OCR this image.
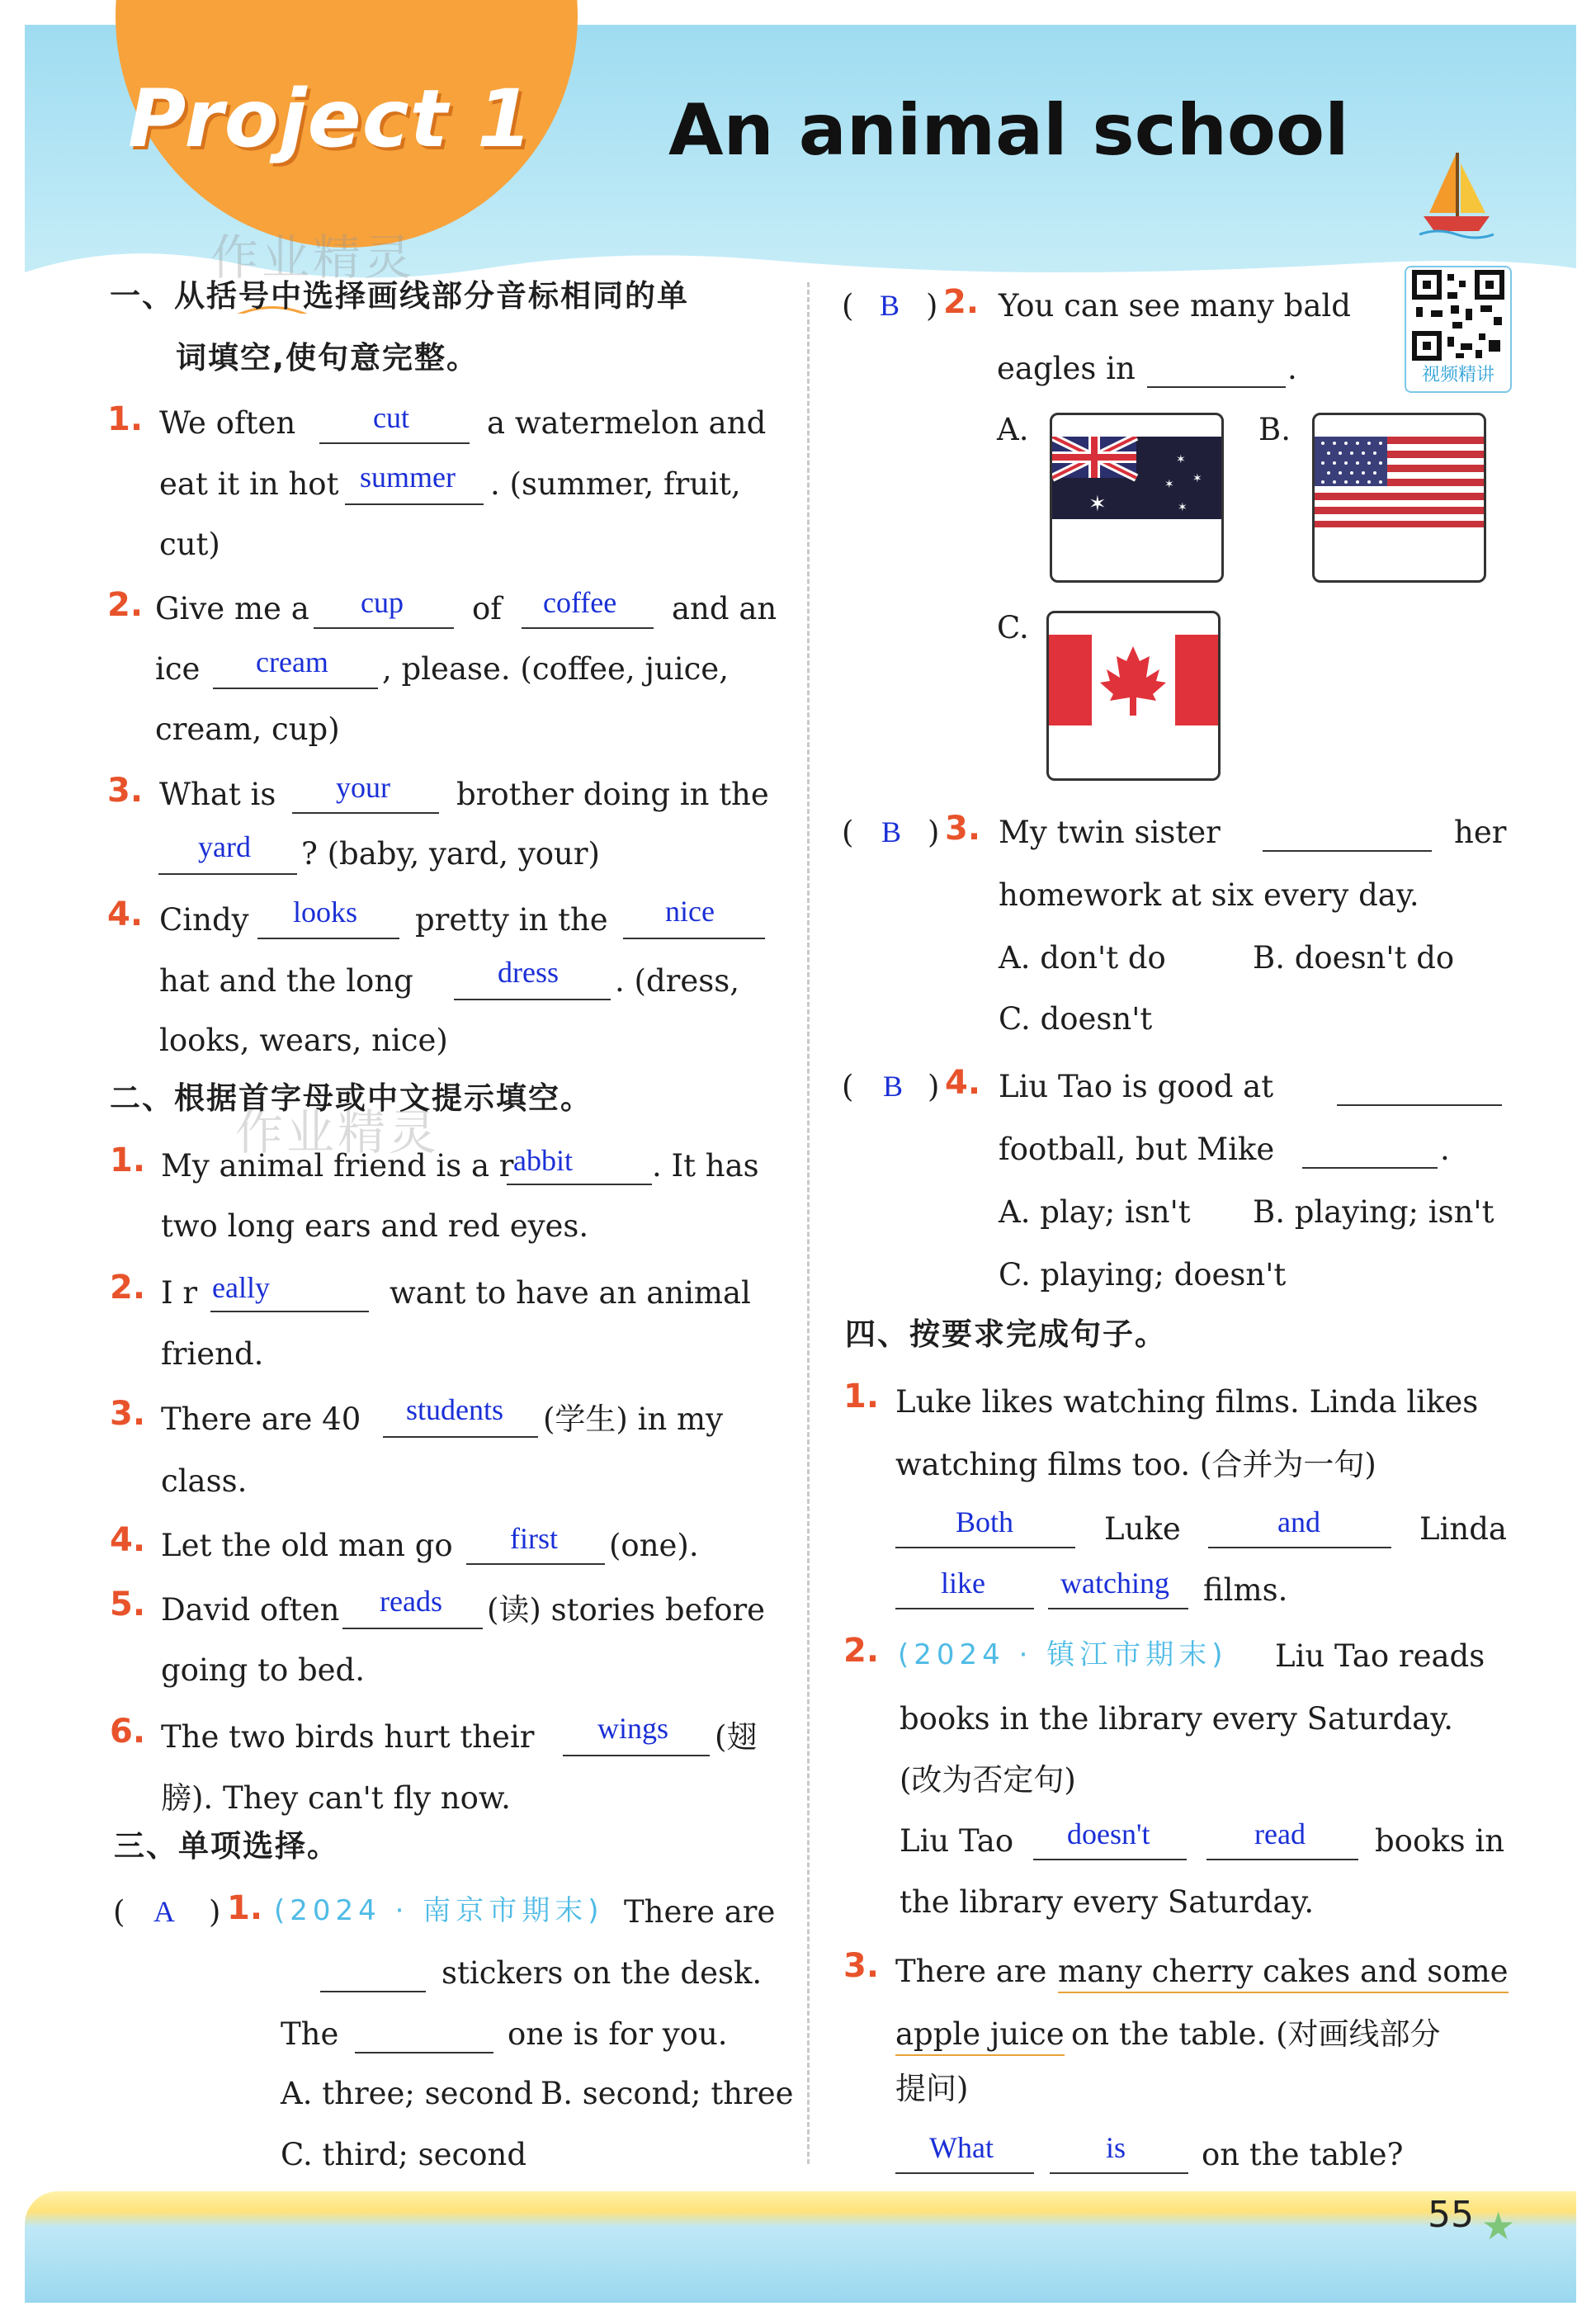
Project 1 An animal school
作业精灵
作业精灵
一、从括号中选择画线部分音标相同的单
词填空,使句意完整。
1. We often	cut	a watermelon and
eat it in hot summer . (summer, fruit,
cut)
2. Give me a cup of coffee and an
ice cream , please. (coffee, juice,
cream, cup)
3. What is your brother doing in the
yard ? (baby, yard, your)
4. Cindy looks pretty in the nice
hat and the long	dress . (dress,
looks, wears, nice)
二、根据首字母或中文提示填空。
1. My animal friend is a r abbit	. It has
two long ears and red eyes.
2. I r eally	want to have an animal
friend.
3. There are 40 students (学生) in my
class.
4. Let the old man go first (one).
5. David often reads (读) stories before
going to bed.
6. The two birds hurt their wings (翅
膀). They can't fly now.
三、单项选择。
( A ) 1. (2024 · 南京市期末) There are
stickers on the desk.
The	one is for you.
A. three; second B. second; three
C. third; second
( B ) 2. You can see many bald
eagles in	.	视频精讲
A.
✶
✶
✶
✶
✶
B.
C.
( B ) 3. My twin sister	her
homework at six every day.
A. don't do	B. doesn't do
C. doesn't
( B ) 4. Liu Tao is good at
football, but Mike	.
A. play; isn't B. playing; isn't
C. playing; doesn't
四、按要求完成句子。
1. Luke likes watching films. Linda likes
watching films too. (合并为一句)
Both	Luke	and	Linda
like	watching films.
2. (2024 · 镇江市期末) Liu Tao reads
books in the library every Saturday.
(改为否定句)
Liu Tao doesn't	read books in
the library every Saturday.
3. There are many cherry cakes and some
apple juice on the table. (对画线部分
提问)
What	is on the table?
55 ★
